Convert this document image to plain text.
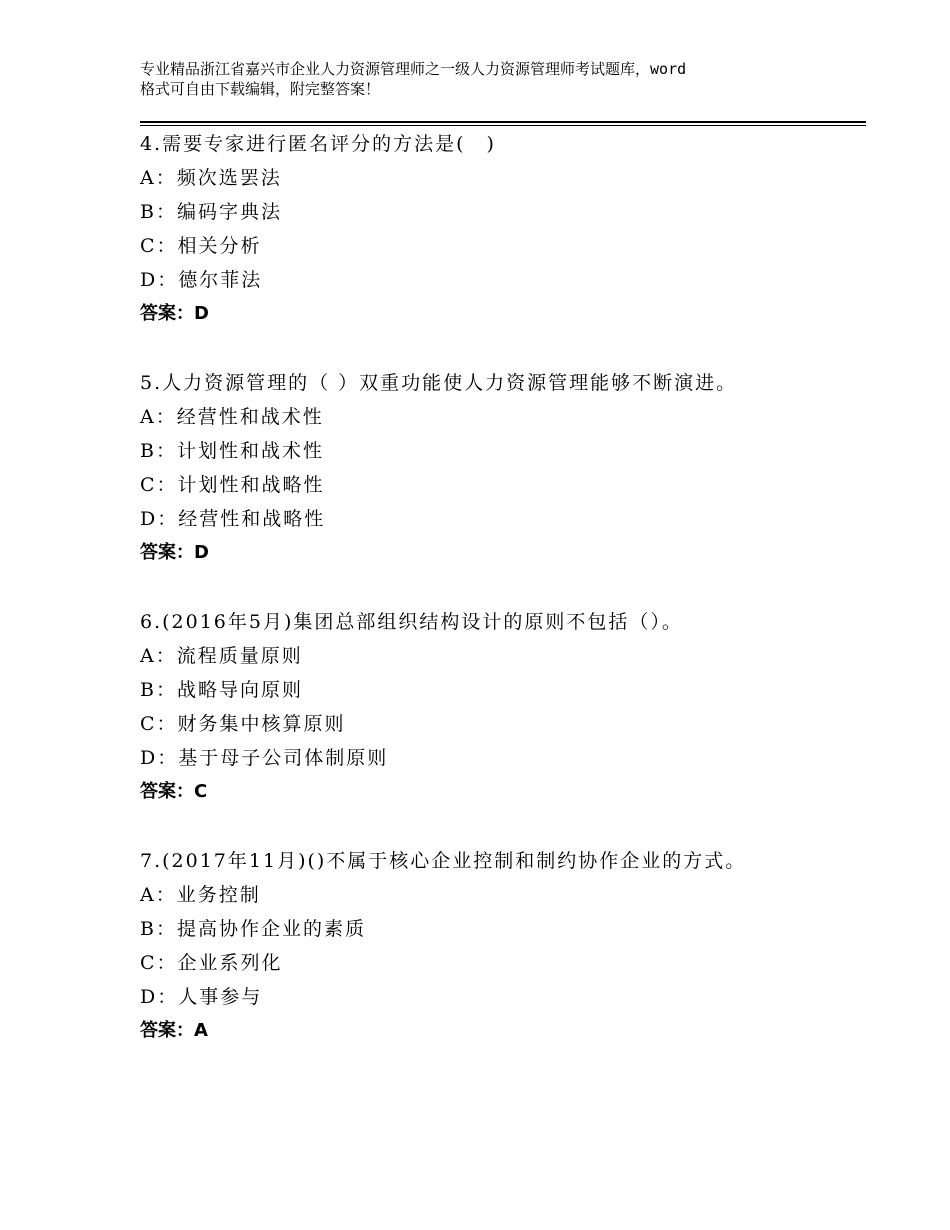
专业精品浙江省嘉兴市企业人力资源管理师之一级人力资源管理师考试题库，word
格式可自由下载编辑，附完整答案！
4.需要专家进行匿名评分的方法是(　)
A：频次选罢法
B：编码字典法
C：相关分析
D：德尔菲法
答案：D
5.人力资源管理的（ ）双重功能使人力资源管理能够不断演进。
A：经营性和战术性
B：计划性和战术性
C：计划性和战略性
D：经营性和战略性
答案：D
6.(2016年5月)集团总部组织结构设计的原则不包括（）。
A：流程质量原则
B：战略导向原则
C：财务集中核算原则
D：基于母子公司体制原则
答案：C
7.(2017年11月)()不属于核心企业控制和制约协作企业的方式。
A：业务控制
B：提高协作企业的素质
C：企业系列化
D：人事参与
答案：A
